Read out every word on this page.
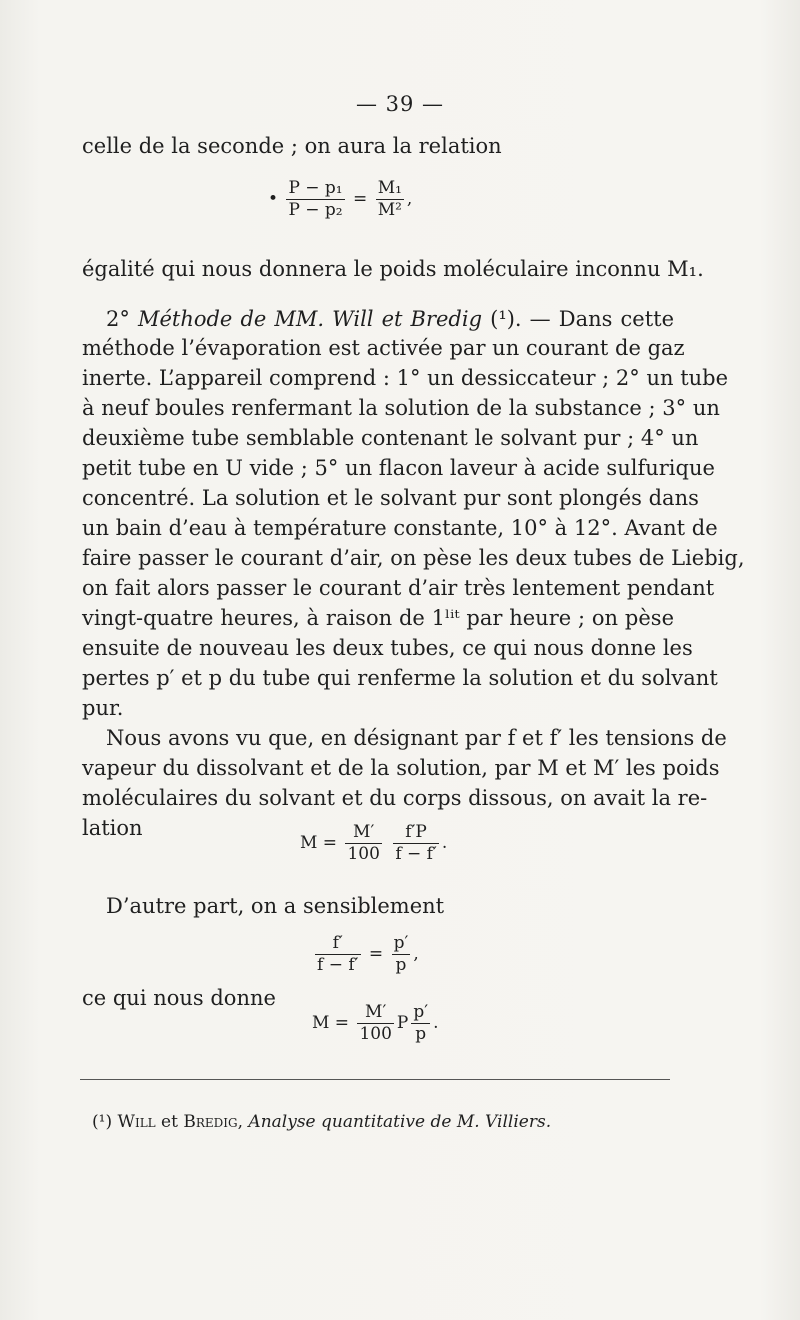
— 39 —
celle de la seconde ; on aura la relation
• $\frac{\text{P − p₁}}{\text{P − p₂}} = \frac{\text{M₁}}{\text{M²}}$ ,
égalité qui nous donnera le poids moléculaire inconnu M₁.
2° Méthode de MM. Will et Bredig (¹). — Dans cette
méthode l’évaporation est activée par un courant de gaz
inerte. L’appareil comprend : 1° un dessiccateur ; 2° un tube
à neuf boules renfermant la solution de la substance ; 3° un
deuxième tube semblable contenant le solvant pur ; 4° un
petit tube en U vide ; 5° un flacon laveur à acide sulfurique
concentré. La solution et le solvant pur sont plongés dans
un bain d’eau à température constante, 10° à 12°. Avant de
faire passer le courant d’air, on pèse les deux tubes de Liebig,
on fait alors passer le courant d’air très lentement pendant
vingt-quatre heures, à raison de 1ˡⁱᵗ par heure ; on pèse
ensuite de nouveau les deux tubes, ce qui nous donne les
pertes p′ et p du tube qui renferme la solution et du solvant
pur.
Nous avons vu que, en désignant par f et f′ les tensions de
vapeur du dissolvant et de la solution, par M et M′ les poids
moléculaires du solvant et du corps dissous, on avait la re-
lation
$M = \frac{M'}{100}$
$\frac{f'P}{f - f'}$ .
D’autre part, on a sensiblement
$\frac{f'}{f - f'} = \frac{p'}{p}$ ,
ce qui nous donne
$M = \frac{M'}{100}$ P $\frac{p'}{p}$ .
(¹) Will et Bredig, Analyse quantitative de M. Villiers.
